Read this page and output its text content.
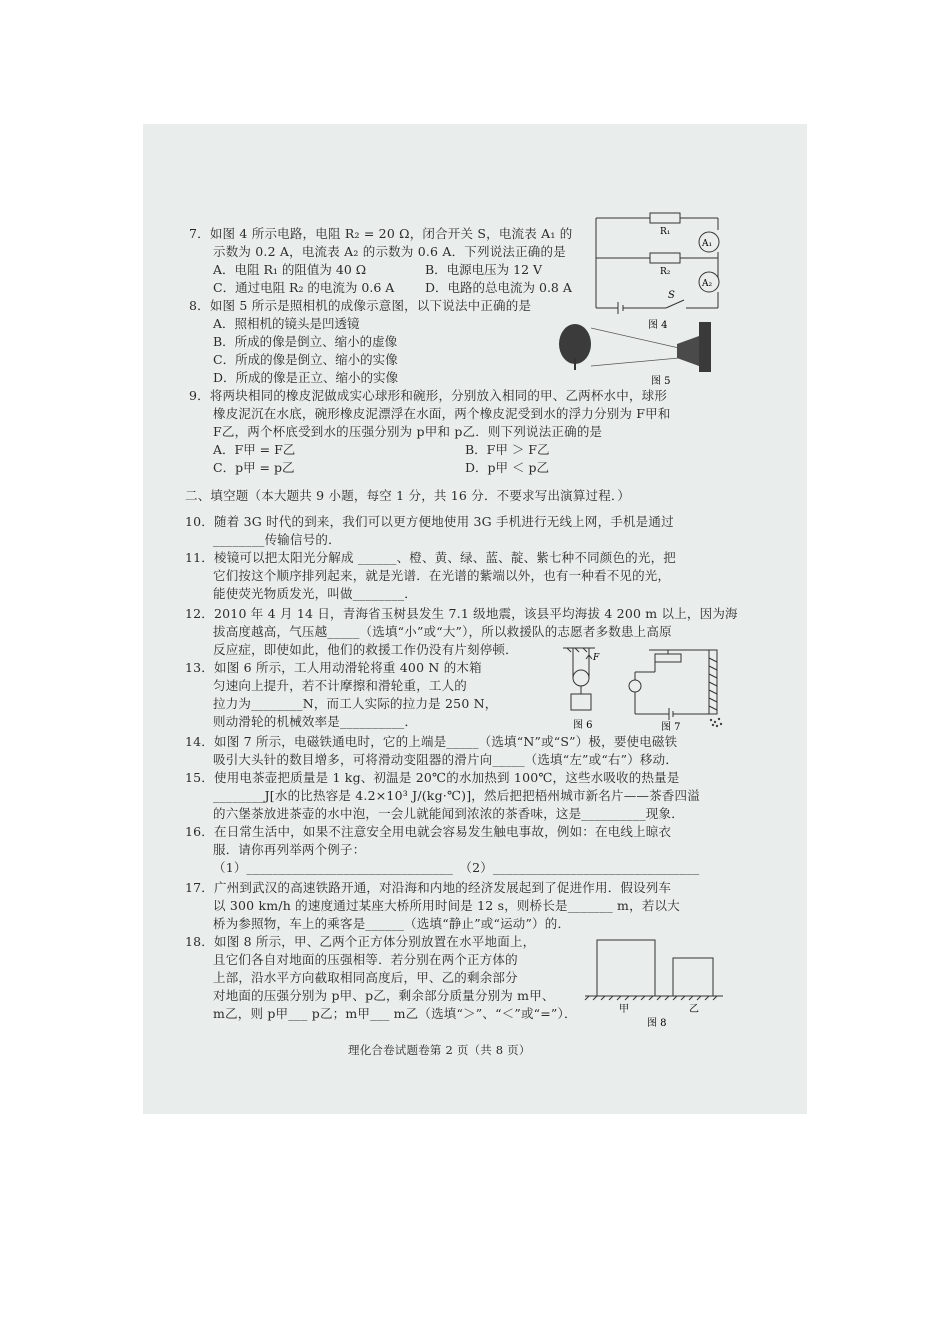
7．如图 4 所示电路，电阻 R₂ = 20 Ω，闭合开关 S，电流表 A₁ 的
示数为 0.2 A，电流表 A₂ 的示数为 0.6 A．下列说法正确的是
A．电阻 R₁ 的阻值为 40 Ω	B．电源电压为 12 V
C．通过电阻 R₂ 的电流为 0.6 A D．电路的总电流为 0.8 A
R₁
R₂
A₁
A₂
S
图 4
8．如图 5 所示是照相机的成像示意图，以下说法中正确的是
A．照相机的镜头是凹透镜
B．所成的像是倒立、缩小的虚像
C．所成的像是倒立、缩小的实像
D．所成的像是正立、缩小的实像	图 5
9．将两块相同的橡皮泥做成实心球形和碗形，分别放入相同的甲、乙两杯水中，球形
橡皮泥沉在水底，碗形橡皮泥漂浮在水面，两个橡皮泥受到水的浮力分别为 F甲和
F乙，两个杯底受到水的压强分别为 p甲和 p乙．则下列说法正确的是
A．F甲 = F乙	B．F甲 ＞ F乙
C．p甲 = p乙	D．p甲 ＜ p乙
二、填空题（本大题共 9 小题，每空 1 分，共 16 分．不要求写出演算过程．）
10．随着 3G 时代的到来，我们可以更方便地使用 3G 手机进行无线上网，手机是通过
________传输信号的．
11．棱镜可以把太阳光分解成 ______、橙、黄、绿、蓝、靛、紫七种不同颜色的光，把
它们按这个顺序排列起来，就是光谱．在光谱的紫端以外，也有一种看不见的光，
能使荧光物质发光，叫做________．
12．2010 年 4 月 14 日，青海省玉树县发生 7.1 级地震，该县平均海拔 4 200 m 以上，因为海
拔高度越高，气压越_____（选填“小”或“大”），所以救援队的志愿者多数患上高原
反应症，即使如此，他们的救援工作仍没有片刻停顿．
13．如图 6 所示，工人用动滑轮将重 400 N 的木箱
匀速向上提升，若不计摩擦和滑轮重，工人的
拉力为________N，而工人实际的拉力是 250 N，
则动滑轮的机械效率是__________．
F
图 6	图 7
14．如图 7 所示，电磁铁通电时，它的上端是_____（选填“N”或“S”）极，要使电磁铁
吸引大头针的数目增多，可将滑动变阻器的滑片向_____（选填“左”或“右”）移动．
15．使用电茶壶把质量是 1 kg、初温是 20℃的水加热到 100℃，这些水吸收的热量是
________J[水的比热容是 4.2×10³ J/(kg·℃)]，然后把把梧州城市新名片——茶香四溢
的六堡茶放进茶壶的水中泡，一会儿就能闻到浓浓的茶香味，这是__________现象．
16．在日常生活中，如果不注意安全用电就会容易发生触电事故，例如：在电线上晾衣
服．请你再列举两个例子：
（1）________________________________　（2）________________________________
17．广州到武汉的高速铁路开通，对沿海和内地的经济发展起到了促进作用．假设列车
以 300 km/h 的速度通过某座大桥所用时间是 12 s，则桥长是_______ m，若以大
桥为参照物，车上的乘客是______（选填“静止”或“运动”）的．
18．如图 8 所示，甲、乙两个正方体分别放置在水平地面上，
且它们各自对地面的压强相等．若分别在两个正方体的
上部，沿水平方向截取相同高度后，甲、乙的剩余部分
对地面的压强分别为 p甲、p乙，剩余部分质量分别为 m甲、
m乙，则 p甲___ p乙；m甲___ m乙（选填“＞”、“＜”或“=”）．	甲	乙
图 8
理化合卷试题卷第 2 页（共 8 页）
